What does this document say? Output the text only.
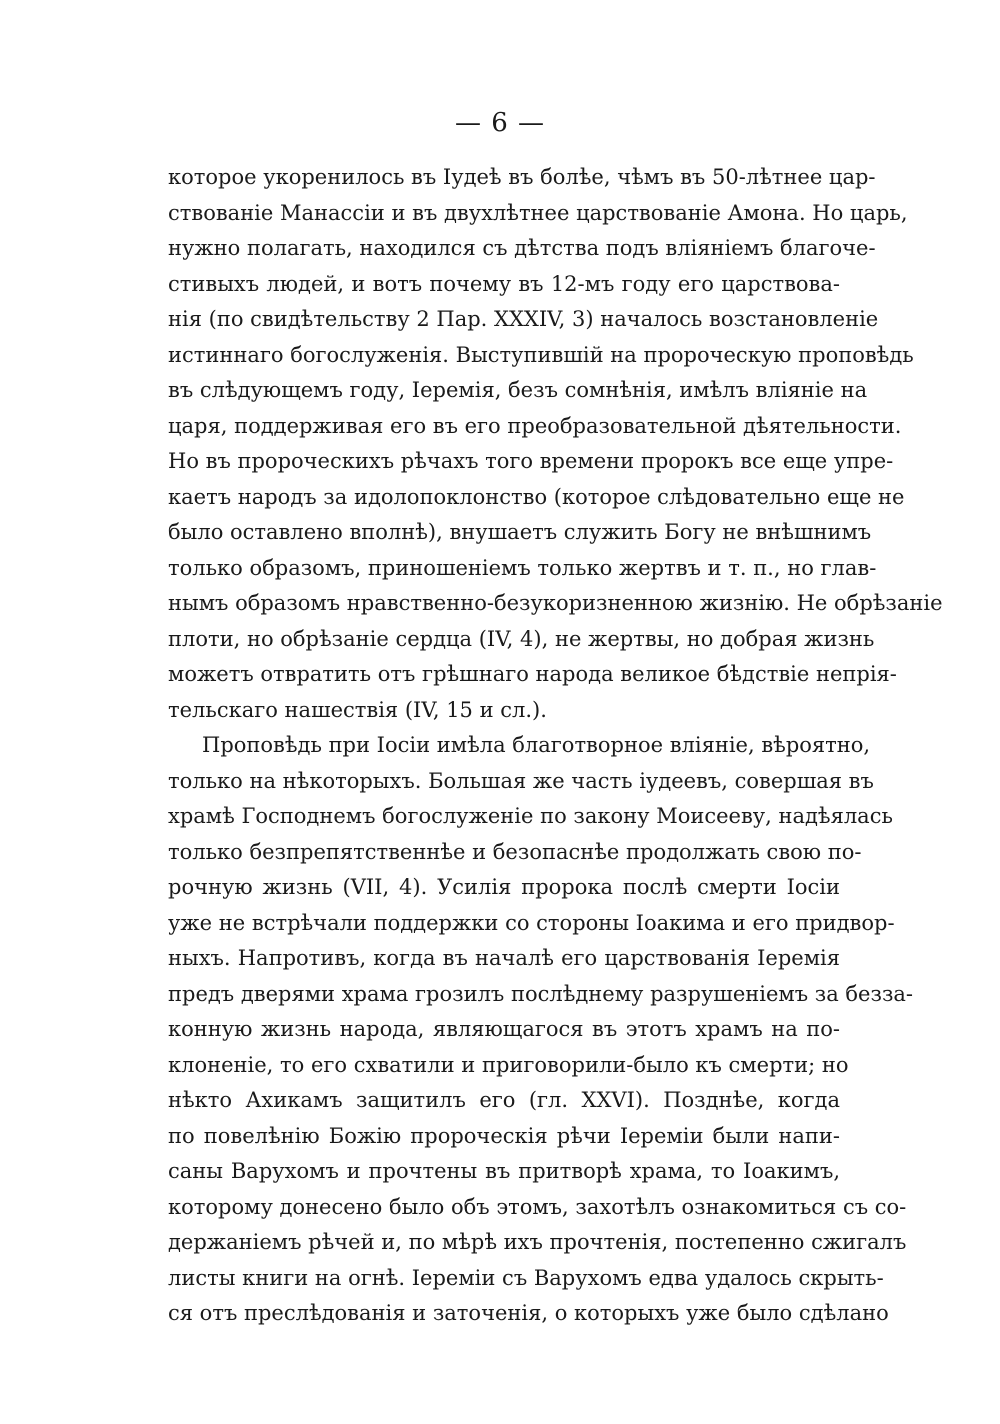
— 6 —
которое укоренилось въ Іудеѣ въ болѣе, чѣмъ въ 50-лѣтнее цар-
ствованіе Манассіи и въ двухлѣтнее царствованіе Амона. Но царь,
нужно полагать, находился съ дѣтства подъ вліяніемъ благоче-
стивыхъ людей, и вотъ почему въ 12-мъ году его царствова-
нія (по свидѣтельству 2 Пар. XXXIV, 3) началось возстановленіе
истиннаго богослуженія. Выступившій на пророческую проповѣдь
въ слѣдующемъ году, Іеремія, безъ сомнѣнія, имѣлъ вліяніе на
царя, поддерживая его въ его преобразовательной дѣятельности.
Но въ пророческихъ рѣчахъ того времени пророкъ все еще упре-
каетъ народъ за идолопоклонство (которое слѣдовательно еще не
было оставлено вполнѣ), внушаетъ служить Богу не внѣшнимъ
только образомъ, приношеніемъ только жертвъ и т. п., но глав-
нымъ образомъ нравственно-безукоризненною жизнію. Не обрѣзаніе
плоти, но обрѣзаніе сердца (IV, 4), не жертвы, но добрая жизнь
можетъ отвратить отъ грѣшнаго народа великое бѣдствіе непрія-
тельскаго нашествія (IV, 15 и сл.).
Проповѣдь при Іосіи имѣла благотворное вліяніе, вѣроятно,
только на нѣкоторыхъ. Большая же часть іудеевъ, совершая въ
храмѣ Господнемъ богослуженіе по закону Моисееву, надѣялась
только безпрепятственнѣе и безопаснѣе продолжать свою по-
рочную жизнь (VII, 4). Усилія пророка послѣ смерти Іосіи
уже не встрѣчали поддержки со стороны Іоакима и его придвор-
ныхъ. Напротивъ, когда въ началѣ его царствованія Іеремія
предъ дверями храма грозилъ послѣднему разрушеніемъ за безза-
конную жизнь народа, являющагося въ этотъ храмъ на по-
клоненіе, то его схватили и приговорили-было къ смерти; но
нѣкто Ахикамъ защитилъ его (гл. XXVI). Позднѣе, когда
по повелѣнію Божію пророческія рѣчи Іереміи были напи-
саны Варухомъ и прочтены въ притворѣ храма, то Іоакимъ,
которому донесено было объ этомъ, захотѣлъ ознакомиться съ со-
держаніемъ рѣчей и, по мѣрѣ ихъ прочтенія, постепенно сжигалъ
листы книги на огнѣ. Іереміи съ Варухомъ едва удалось скрыть-
ся отъ преслѣдованія и заточенія, о которыхъ уже было сдѣлано
